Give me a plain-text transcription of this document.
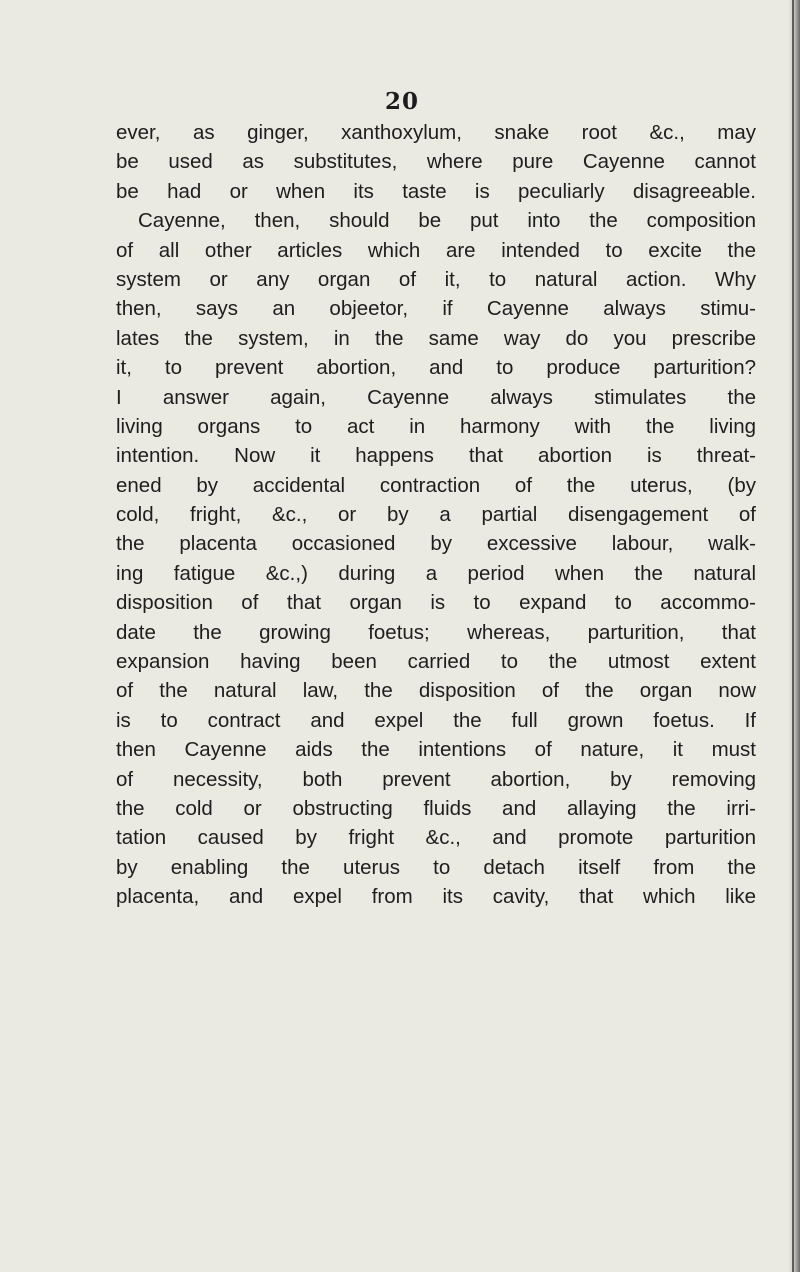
20
ever, as ginger, xanthoxylum, snake root &c., may
be used as substitutes, where pure Cayenne cannot
be had or when its taste is peculiarly disagreeable.
Cayenne, then, should be put into the composition
of all other articles which are intended to excite the
system or any organ of it, to natural action. Why
then, says an objeetor, if Cayenne always stimu-
lates the system, in the same way do you prescribe
it, to prevent abortion, and to produce parturition?
I answer again, Cayenne always stimulates the
living organs to act in harmony with the living
intention. Now it happens that abortion is threat-
ened by accidental contraction of the uterus, (by
cold, fright, &c., or by a partial disengagement of
the placenta occasioned by excessive labour, walk-
ing fatigue &c.,) during a period when the natural
disposition of that organ is to expand to accommo-
date the growing foetus; whereas, parturition, that
expansion having been carried to the utmost extent
of the natural law, the disposition of the organ now
is to contract and expel the full grown foetus. If
then Cayenne aids the intentions of nature, it must
of necessity, both prevent abortion, by removing
the cold or obstructing fluids and allaying the irri-
tation caused by fright &c., and promote parturition
by enabling the uterus to detach itself from the
placenta, and expel from its cavity, that which like
